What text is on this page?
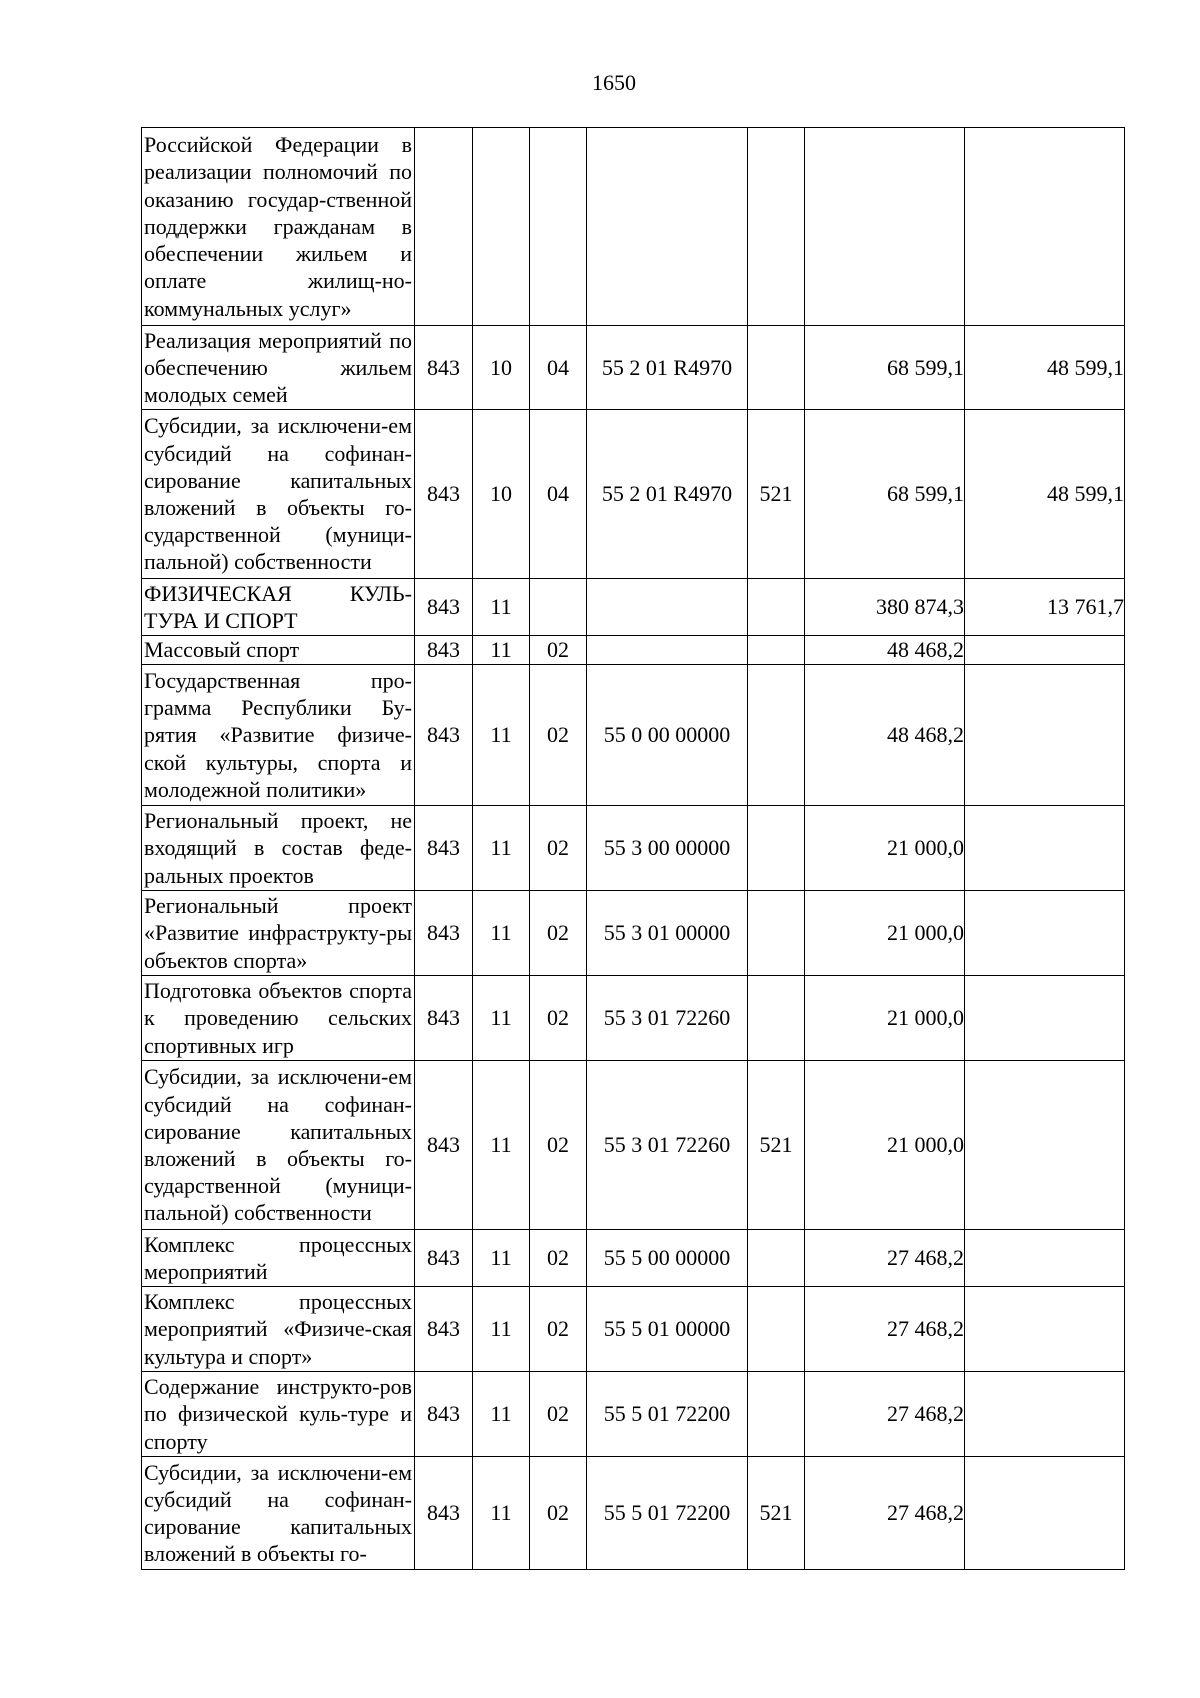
1650
Российской Федерации в реализации полномочий по оказанию государ-ственной поддержки гражданам в обеспечении жильем и оплате жилищ-но-коммунальных услуг»							
Реализация мероприятий по обеспечению жильем молодых семей	843	10	04	55 2 01 R4970		68 599,1	48 599,1
Субсидии, за исключени-ем субсидий на софинан-сирование капитальных вложений в объекты го-сударственной (муници-пальной) собственности	843	10	04	55 2 01 R4970	521	68 599,1	48 599,1
ФИЗИЧЕСКАЯ КУЛЬ-ТУРА И СПОРТ	843	11				380 874,3	13 761,7
Массовый спорт	843	11	02			48 468,2	
Государственная про-грамма Республики Бу-рятия «Развитие физиче-ской культуры, спорта и молодежной политики»	843	11	02	55 0 00 00000		48 468,2	
Региональный проект, не входящий в состав феде-ральных проектов	843	11	02	55 3 00 00000		21 000,0	
Региональный проект «Развитие инфраструкту-ры объектов спорта»	843	11	02	55 3 01 00000		21 000,0	
Подготовка объектов спорта к проведению сельских спортивных игр	843	11	02	55 3 01 72260		21 000,0	
Субсидии, за исключени-ем субсидий на софинан-сирование капитальных вложений в объекты го-сударственной (муници-пальной) собственности	843	11	02	55 3 01 72260	521	21 000,0	
Комплекс процессных мероприятий	843	11	02	55 5 00 00000		27 468,2	
Комплекс процессных мероприятий «Физиче-ская культура и спорт»	843	11	02	55 5 01 00000		27 468,2	
Содержание инструкто-ров по физической куль-туре и спорту	843	11	02	55 5 01 72200		27 468,2	
Субсидии, за исключени-ем субсидий на софинан-сирование капитальных вложений в объекты го-	843	11	02	55 5 01 72200	521	27 468,2	
